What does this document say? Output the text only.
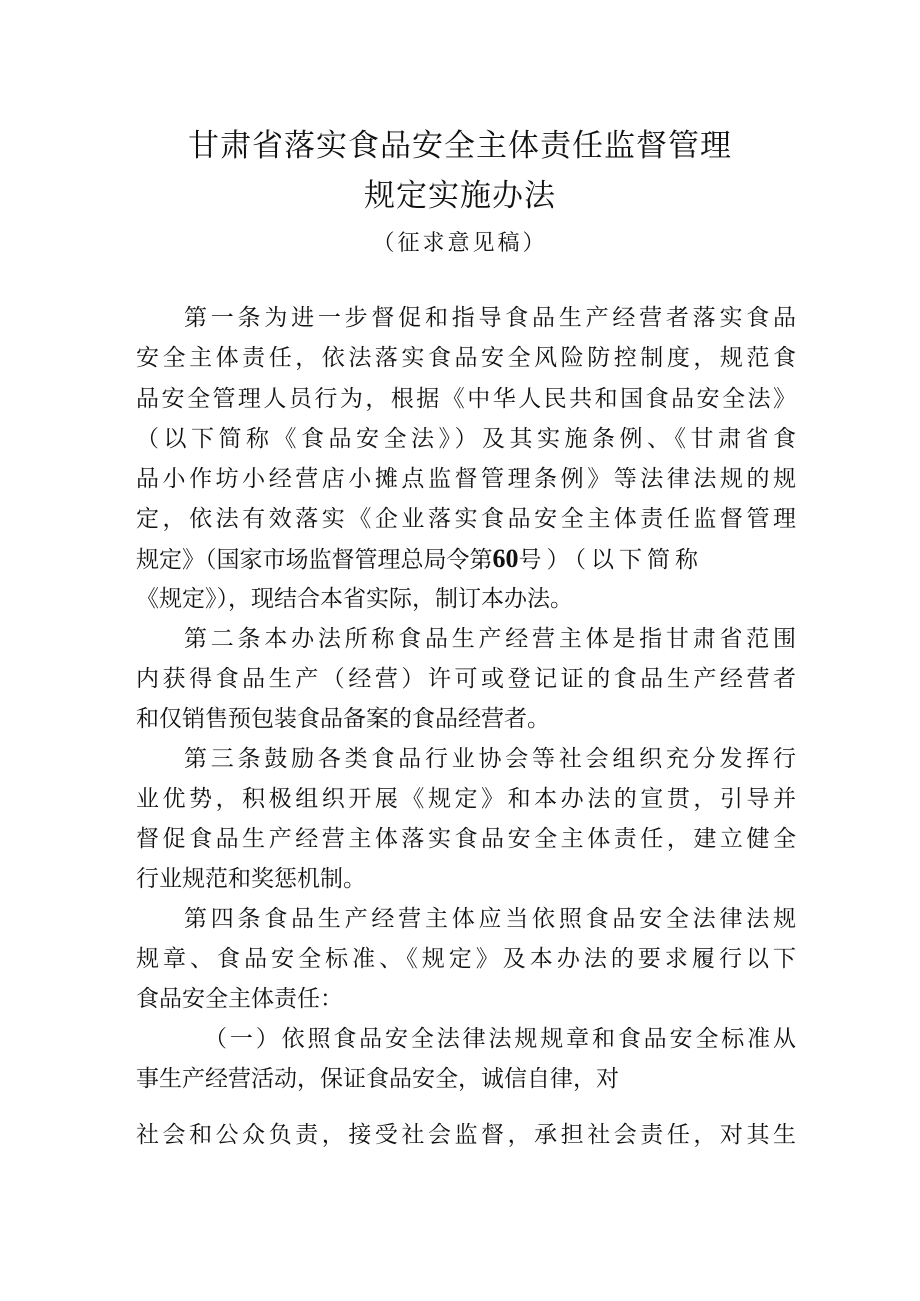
甘肃省落实食品安全主体责任监督管理
规定实施办法
（征求意见稿）
第一条为进一步督促和指导食品生产经营者落实食品
安全主体责任，依法落实食品安全风险防控制度，规范食
品安全管理人员行为，根据《中华人民共和国食品安全法》
（以下简称《食品安全法》）及其实施条例、《甘肃省食
品小作坊小经营店小摊点监督管理条例》等法律法规的规
定，依法有效落实《企业落实食品安全主体责任监督管理
规定》（国家市场监督管理总局令第60号）（以下简称
《规定》），现结合本省实际，制订本办法。
第二条本办法所称食品生产经营主体是指甘肃省范围
内获得食品生产（经营）许可或登记证的食品生产经营者
和仅销售预包装食品备案的食品经营者。
第三条鼓励各类食品行业协会等社会组织充分发挥行
业优势，积极组织开展《规定》和本办法的宣贯，引导并
督促食品生产经营主体落实食品安全主体责任，建立健全
行业规范和奖惩机制。
第四条食品生产经营主体应当依照食品安全法律法规
规章、食品安全标准、《规定》及本办法的要求履行以下
食品安全主体责任：
（一）依照食品安全法律法规规章和食品安全标准从
事生产经营活动，保证食品安全，诚信自律，对
社会和公众负责，接受社会监督，承担社会责任，对其生
